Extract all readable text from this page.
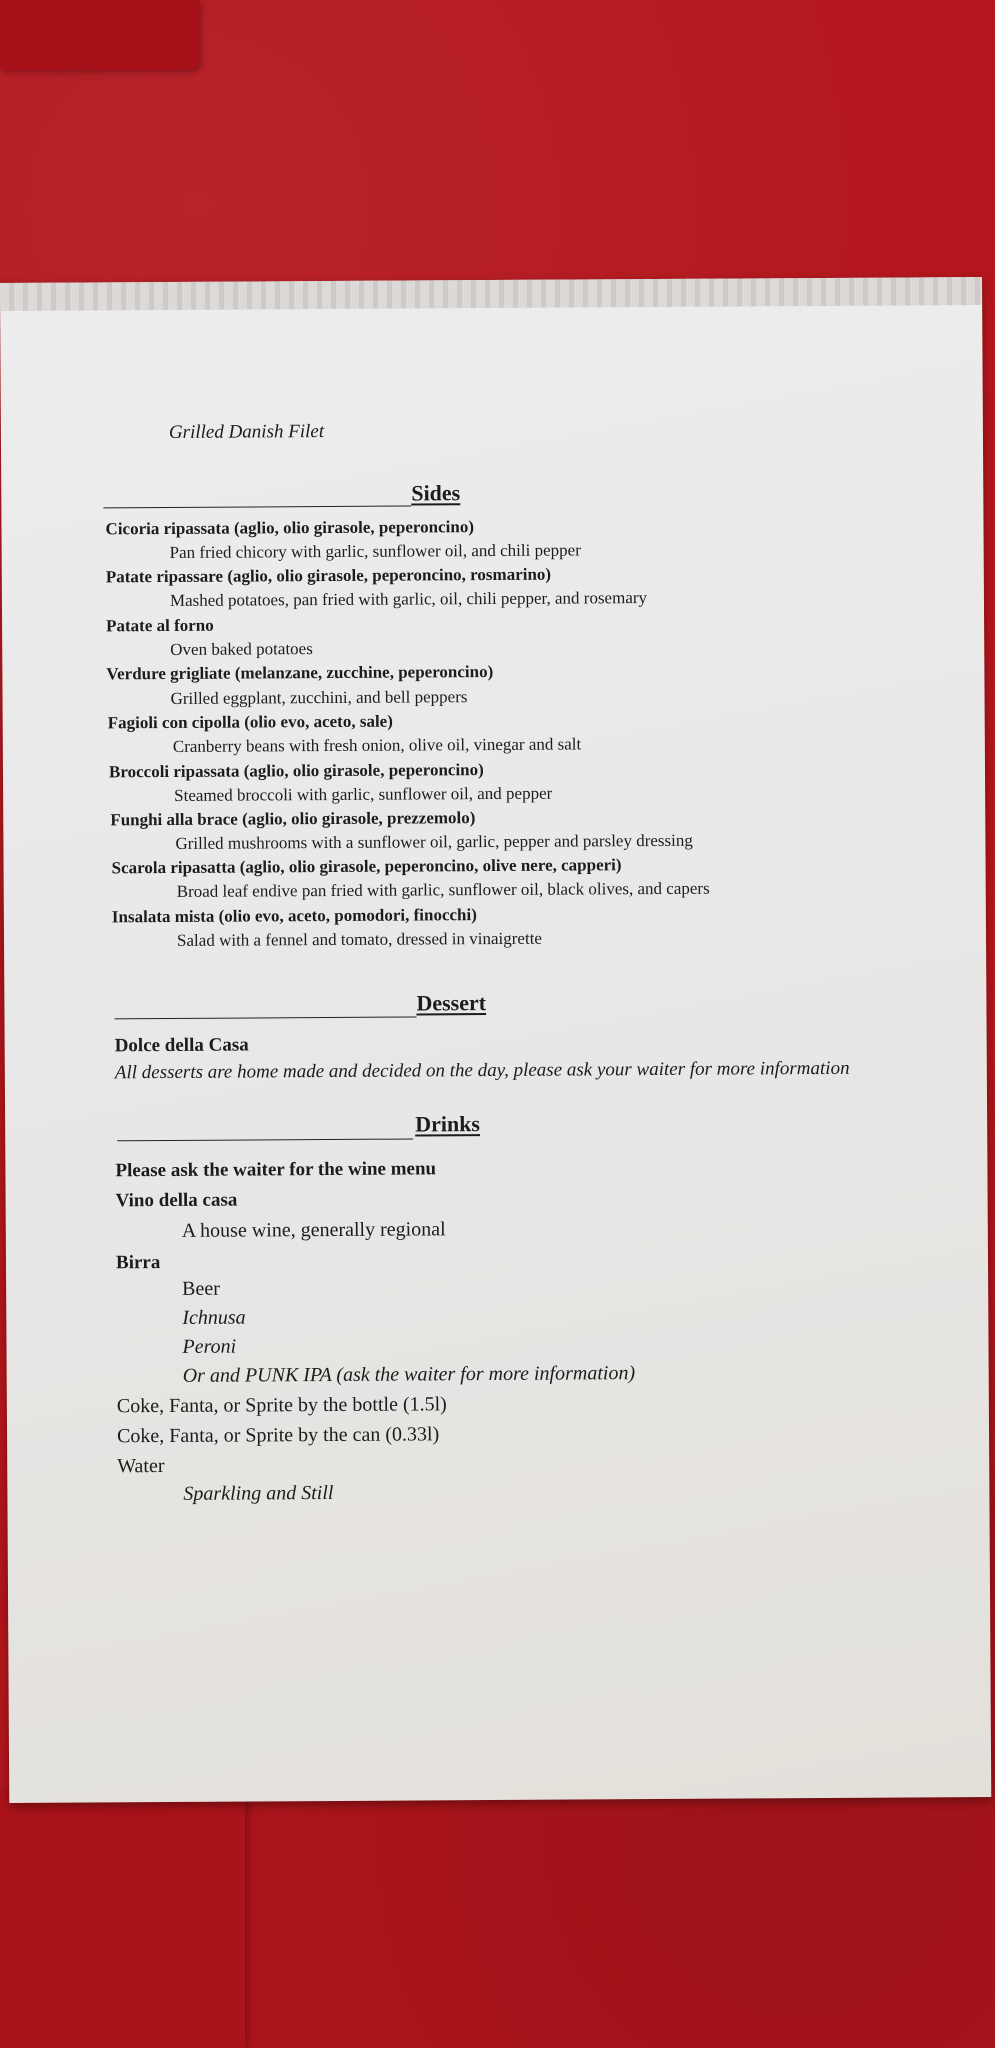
Grilled Danish Filet
Sides
Cicoria ripassata (aglio, olio girasole, peperoncino)
Pan fried chicory with garlic, sunflower oil, and chili pepper
Patate ripassare (aglio, olio girasole, peperoncino, rosmarino)
Mashed potatoes, pan fried with garlic, oil, chili pepper, and rosemary
Patate al forno
Oven baked potatoes
Verdure grigliate (melanzane, zucchine, peperoncino)
Grilled eggplant, zucchini, and bell peppers
Fagioli con cipolla (olio evo, aceto, sale)
Cranberry beans with fresh onion, olive oil, vinegar and salt
Broccoli ripassata (aglio, olio girasole, peperoncino)
Steamed broccoli with garlic, sunflower oil, and pepper
Funghi alla brace (aglio, olio girasole, prezzemolo)
Grilled mushrooms with a sunflower oil, garlic, pepper and parsley dressing
Scarola ripasatta (aglio, olio girasole, peperoncino, olive nere, capperi)
Broad leaf endive pan fried with garlic, sunflower oil, black olives, and capers
Insalata mista (olio evo, aceto, pomodori, finocchi)
Salad with a fennel and tomato, dressed in vinaigrette
Dessert
Dolce della Casa
All desserts are home made and decided on the day, please ask your waiter for more information
Drinks
Please ask the waiter for the wine menu
Vino della casa
A house wine, generally regional
Birra
Beer
Ichnusa
Peroni
Or and PUNK IPA (ask the waiter for more information)
Coke, Fanta, or Sprite by the bottle (1.5l)
Coke, Fanta, or Sprite by the can (0.33l)
Water
Sparkling and Still
